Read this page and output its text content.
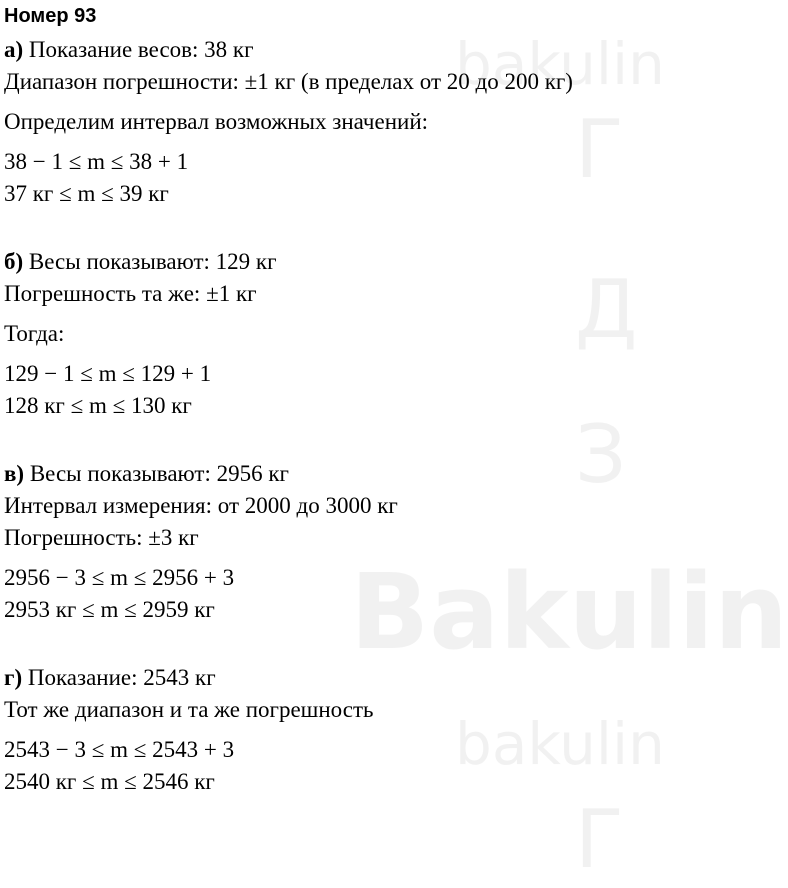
bakulin
Bakulin
bakulin
Г
Д
З
Г
Номер 93
а) Показание весов: 38 кг
Диапазон погрешности: ±1 кг (в пределах от 20 до 200 кг)
Определим интервал возможных значений:
38 − 1 ≤ m ≤ 38 + 1
37 кг ≤ m ≤ 39 кг
б) Весы показывают: 129 кг
Погрешность та же: ±1 кг
Тогда:
129 − 1 ≤ m ≤ 129 + 1
128 кг ≤ m ≤ 130 кг
в) Весы показывают: 2956 кг
Интервал измерения: от 2000 до 3000 кг
Погрешность: ±3 кг
2956 − 3 ≤ m ≤ 2956 + 3
2953 кг ≤ m ≤ 2959 кг
г) Показание: 2543 кг
Тот же диапазон и та же погрешность
2543 − 3 ≤ m ≤ 2543 + 3
2540 кг ≤ m ≤ 2546 кг
